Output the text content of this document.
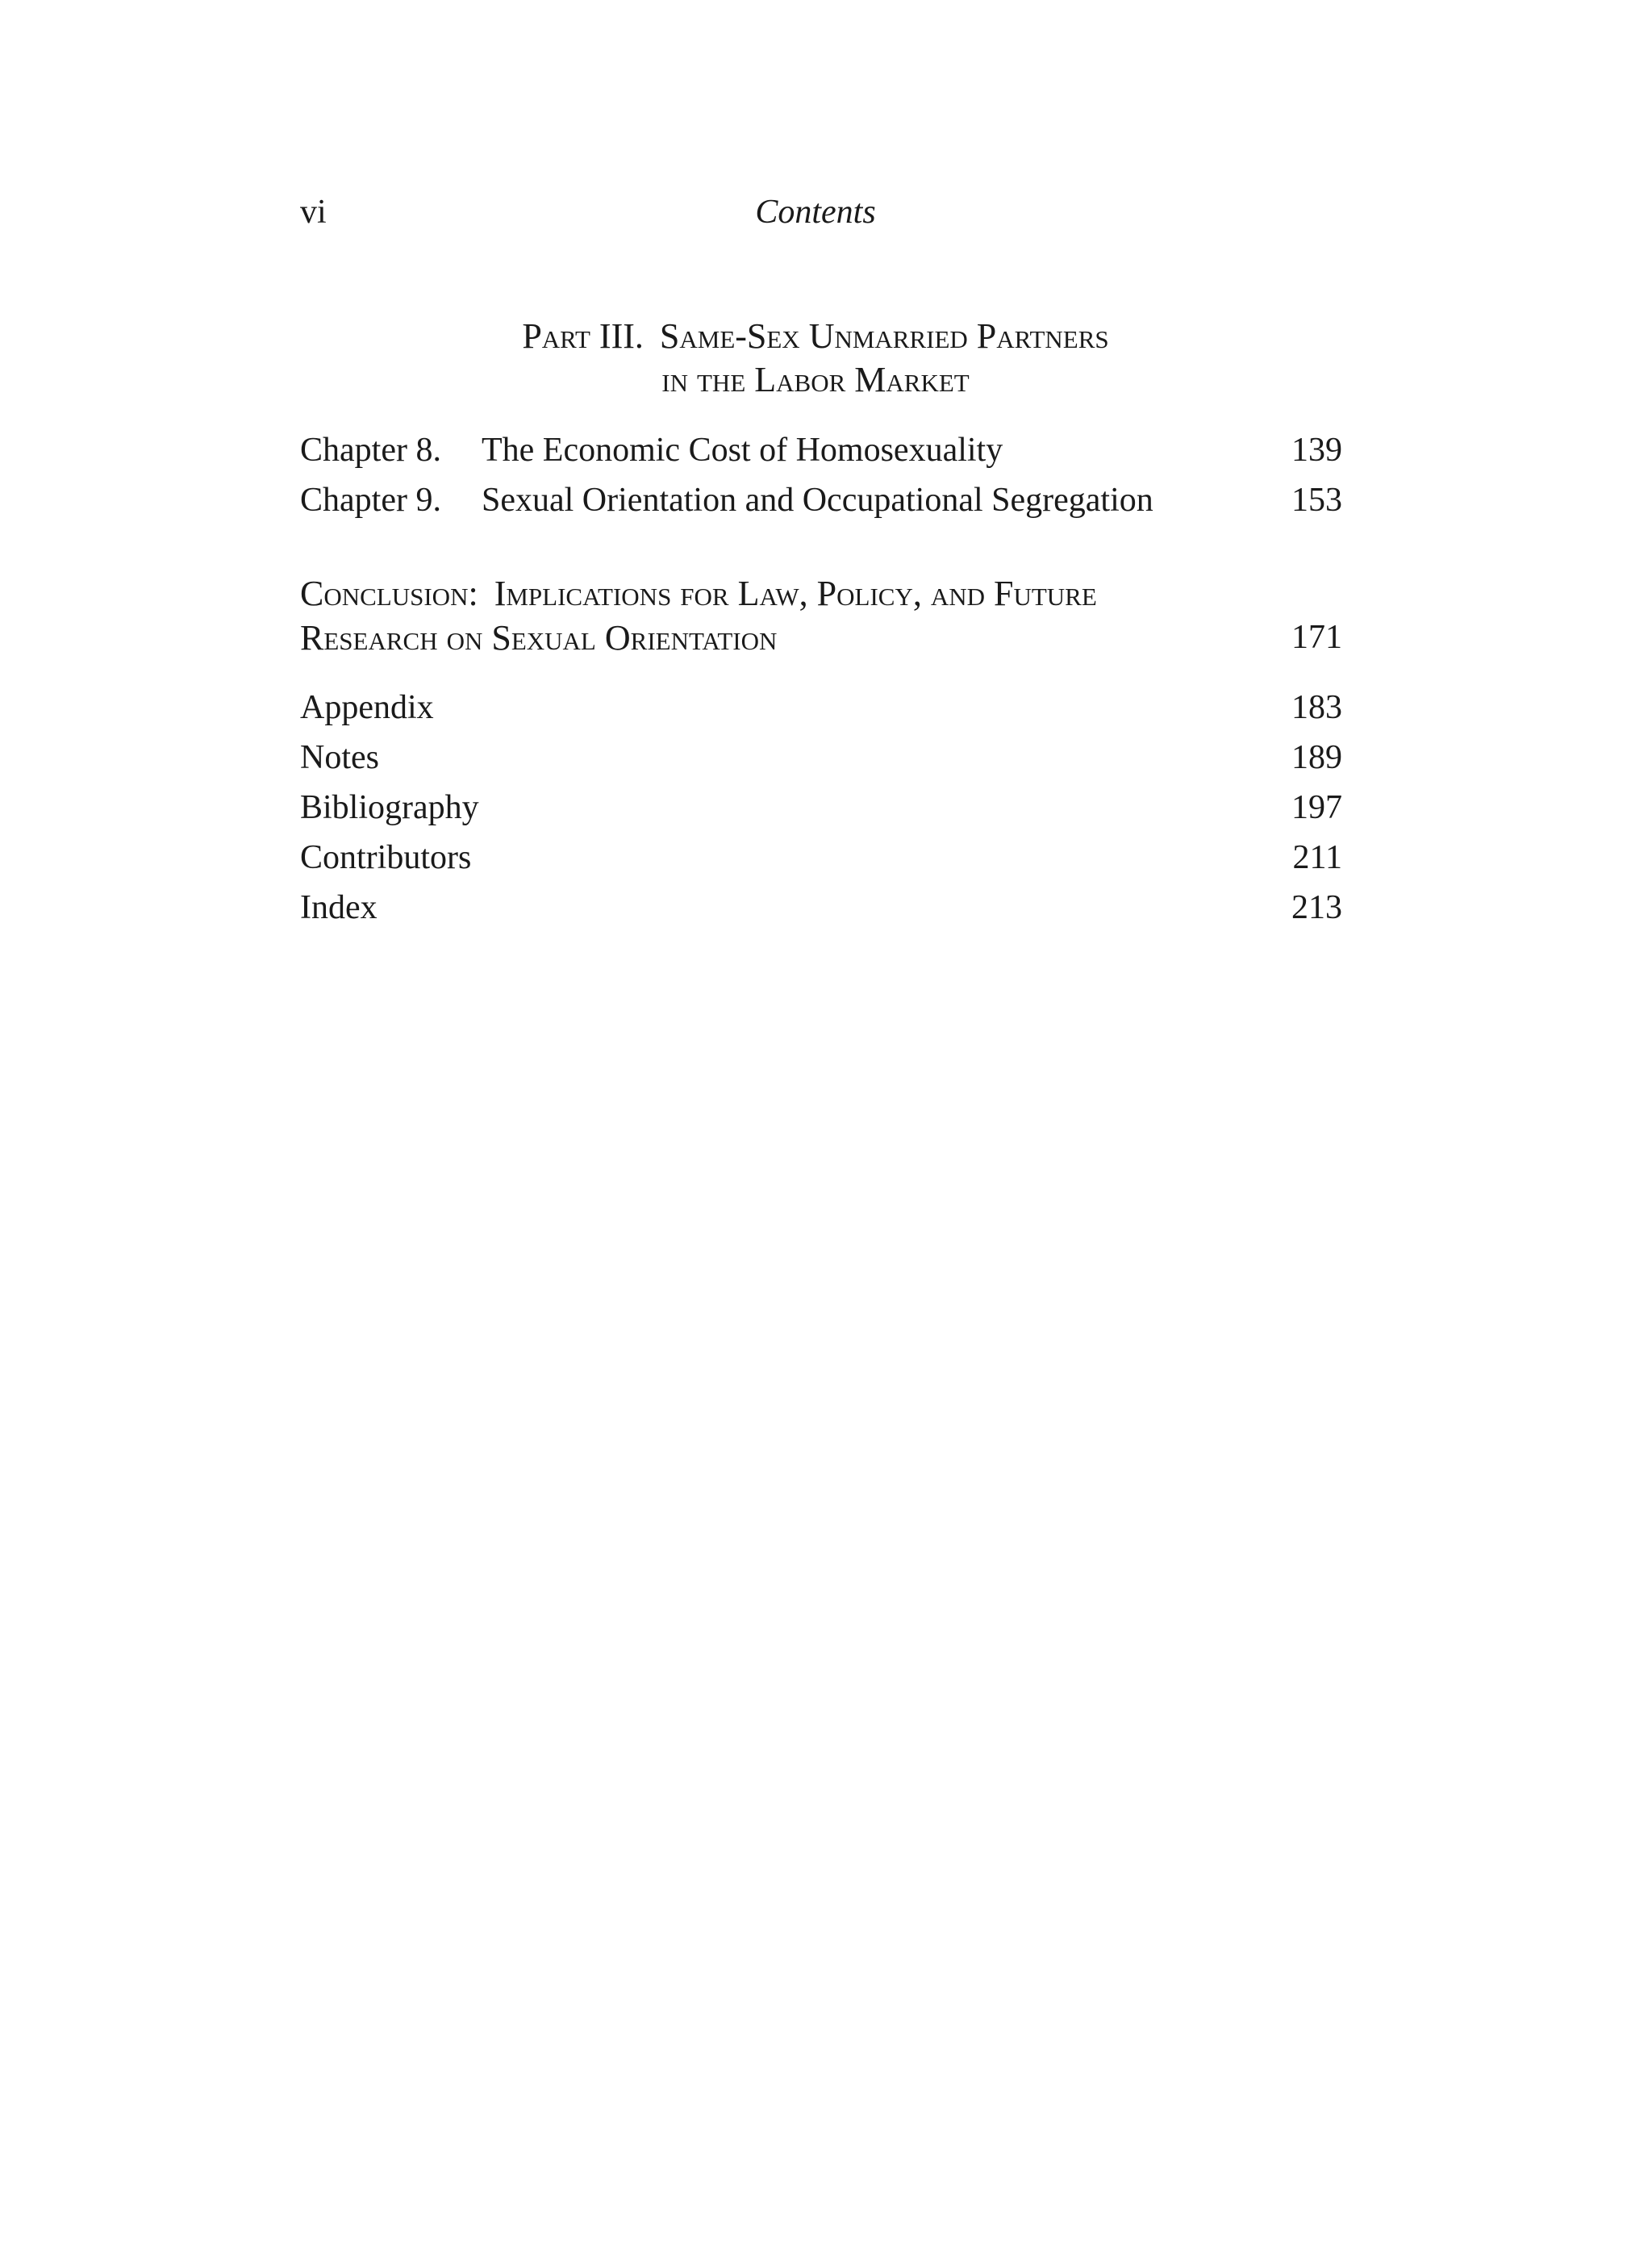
vi	Contents
Part III. Same-Sex Unmarried Partners
in the Labor Market
Chapter 8. The Economic Cost of Homosexuality	139
Chapter 9. Sexual Orientation and Occupational Segregation	153
Conclusion: Implications for Law, Policy, and Future
Research on Sexual Orientation	171
Appendix	183
Notes	189
Bibliography	197
Contributors	211
Index	213
